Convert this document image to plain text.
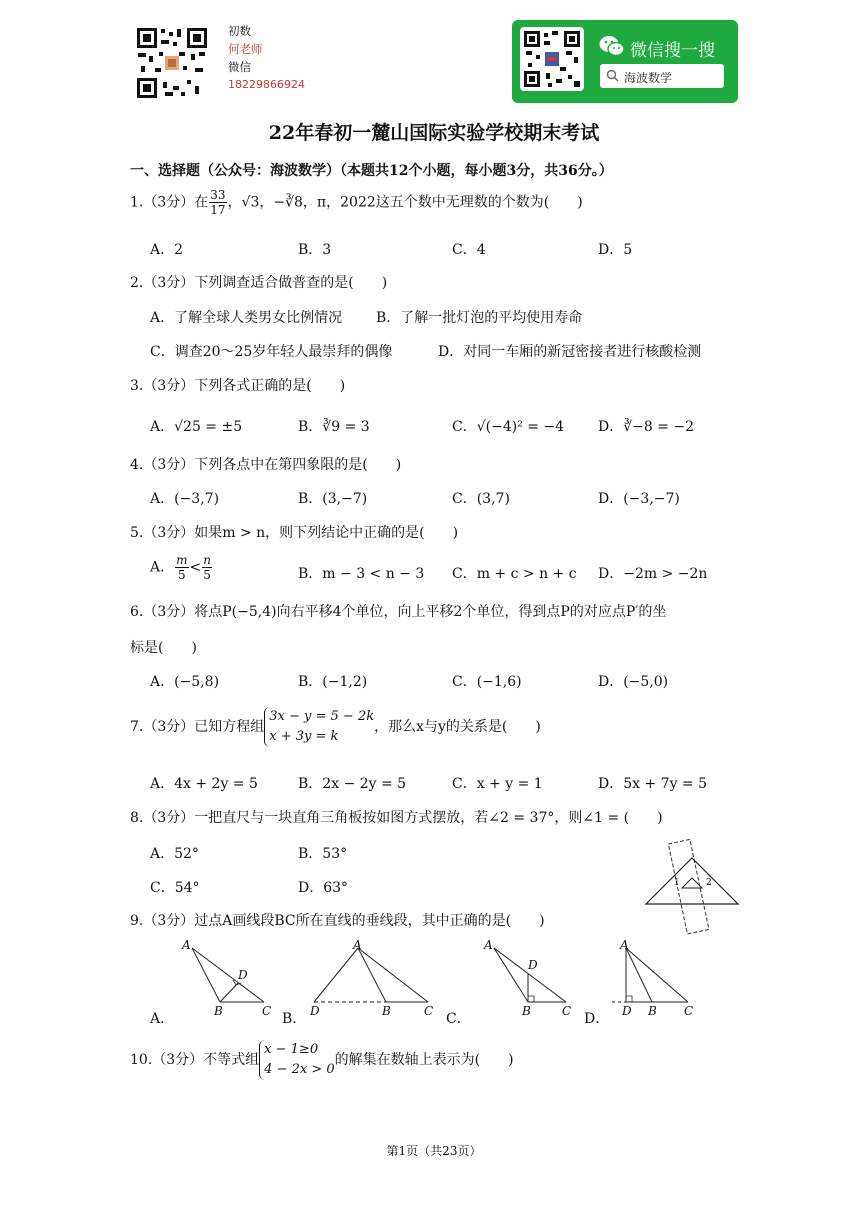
初数
何老师
微信
18229866924
微信搜一搜
海波数学
22年春初一麓山国际实验学校期末考试
一、选择题（公众号：海波数学）（本题共12个小题，每小题3分，共36分。）
1.（3分）在 $\frac{33}{17}$ ，√3，−∛8，π，2022这五个数中无理数的个数为(　　)
A．2	B．3	C．4	D．5
2.（3分）下列调查适合做普查的是(　　)
A．了解全球人类男女比例情况 B．了解一批灯泡的平均使用寿命
C．调查20～25岁年轻人最崇拜的偶像	D．对同一车厢的新冠密接者进行核酸检测
3.（3分）下列各式正确的是(　　)
A．√25 = ±5	B．∛9 = 3	C．√(−4)² = −4 D．∛−8 = −2
4.（3分）下列各点中在第四象限的是(　　)
A．(−3,7)	B．(3,−7)	C．(3,7)	D．(−3,−7)
5.（3分）如果m > n，则下列结论中正确的是(　　)
A． $\frac{m}{5} < \frac{n}{5}$	B．m − 3 < n − 3 C．m + c > n + c D．−2m > −2n
6.（3分）将点P(−5,4)向右平移4个单位，向上平移2个单位，得到点P的对应点P′的坐
标是(　　)
A．(−5,8)	B．(−1,2)	C．(−1,6)	D．(−5,0)
7.（3分）已知方程组
3x − y = 5 − 2k
x + 3y = k
，那么x与y的关系是(　　)
A．4x + 2y = 5	B．2x − 2y = 5	C．x + y = 1	D．5x + 7y = 5
8.（3分）一把直尺与一块直角三角板按如图方式摆放，若∠2 = 37°，则∠1 = (　　)
A．52°	B．53°
C．54°	D．63°	1	2
9.（3分）过点A画线段BC所在直线的垂线段，其中正确的是(　　)
A．
A
D
B	C B．
A
D	B	C C．
A
D
B	C D．
A
D B C
10.（3分）不等式组
x − 1≥0
4 − 2x > 0
的解集在数轴上表示为(　　)
第1页（共23页）
